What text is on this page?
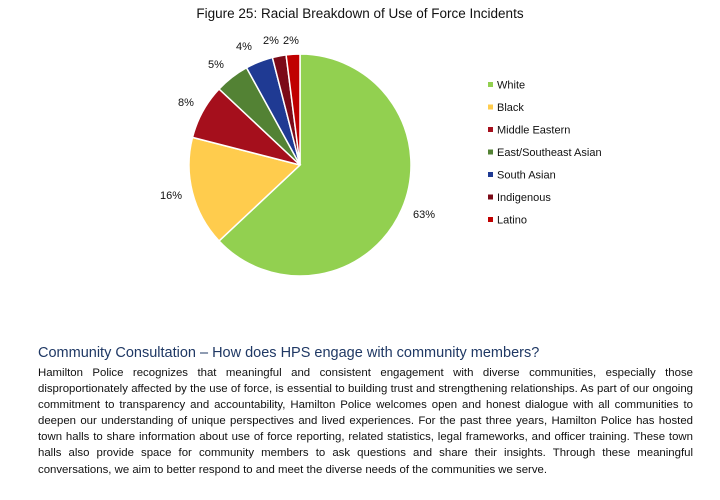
Figure 25: Racial Breakdown of Use of Force Incidents
63%
16%
8%
5%
4% 2% 2%
White
Black
Middle Eastern
East/Southeast Asian
South Asian
Indigenous
Latino
Community Consultation – How does HPS engage with community members?
Hamilton Police recognizes that meaningful and consistent engagement with diverse communities, especially those disproportionately affected by the use of force, is essential to building trust and strengthening relationships. As part of our ongoing commitment to transparency and accountability, Hamilton Police welcomes open and honest dialogue with all communities to deepen our understanding of unique perspectives and lived experiences. For the past three years, Hamilton Police has hosted town halls to share information about use of force reporting, related statistics, legal frameworks, and officer training. These town halls also provide space for community members to ask questions and share their insights. Through these meaningful conversations, we aim to better respond to and meet the diverse needs of the communities we serve.
